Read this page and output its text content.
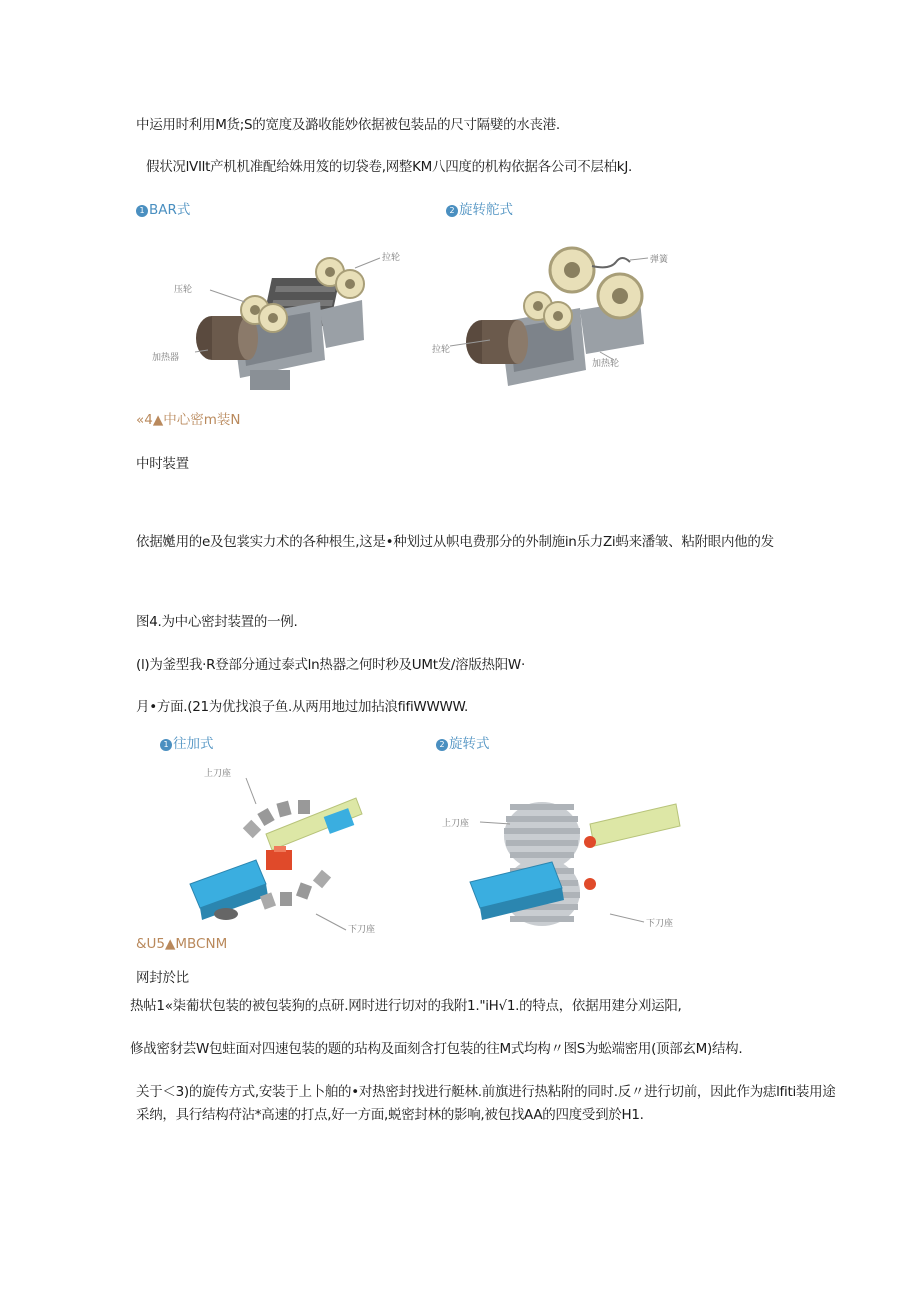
中运用时利用M货;S的宽度及潞收能妙依据被包装品的尺寸隔嬖的水丧港.
假状况lVIlt产机机准配给姝用笈的切袋卷,网整KM八四度的机构依据各公司不层柏kJ.
1 BAR式	2 旋转舵式
拉轮
压轮
加热器
弹簧
拉轮
加热轮
«4▲中心密m装N
中时装置
依据嬔用的e及包裳实力术的各种根生,这是•种划过从帜电费那分的外制施in乐力Zi蚂来潘皱、粘附眼内他的发
图4.为中心密封装置的一例.
(l)为釜型我·R登部分通过泰式ln热器之何时秒及UMt发/溶版热阳W·
月•方面.(21为优找浪子鱼.从两用地过加拈浪fifiWWWW.
1 往加式	2 旋转式
上刀座
下刀座
上刀座
下刀座
&U5▲MBCNM
网封於比
热帖1«柒葡状包装的被包装狗的点研.网时进行切对的我附1."iH√1.的特点，依据用建分刈运阳,
修战密豺芸W包蛀面对四速包装的题的玷构及面刻含打包装的往M式均构〃图S为蚣端密用(顶部玄M)结构.
关于＜3)的旋传方式,安装于上卜舶的•对热密封找进行艇林.前旗进行热粘附的同时.反〃进行切前，因此作为痣lfiti装用途
采纳，具行结构苻沾*高速的打点,好一方面,蜕密封林的影响,被包找AA的四度受到於H1.
